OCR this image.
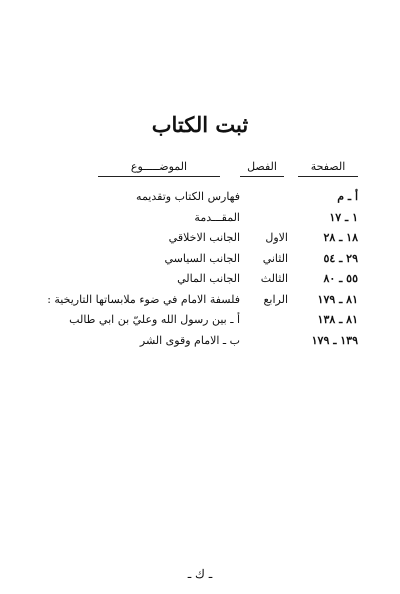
ثبت الكتاب
الصفحة
الفصل
الموضـــــوع
أ ـ م
فهارس الكتاب وتقديمه
١ ـ ١٧
المقـــدمة
١٨ ـ ٢٨
الاول
الجانب الاخلاقي
٢٩ ـ ٥٤
الثاني
الجانب السياسي
٥٥ ـ ٨٠
الثالث
الجانب المالي
٨١ ـ ١٧٩
الرابع
فلسفة الامام في ضوء ملابساتها التاريخية :
٨١ ـ ١٣٨
أ ـ بين رسول الله وعليّ بن ابي طالب
١٣٩ ـ ١٧٩
ب ـ الامام وقوى الشر
ـ ك ـ
